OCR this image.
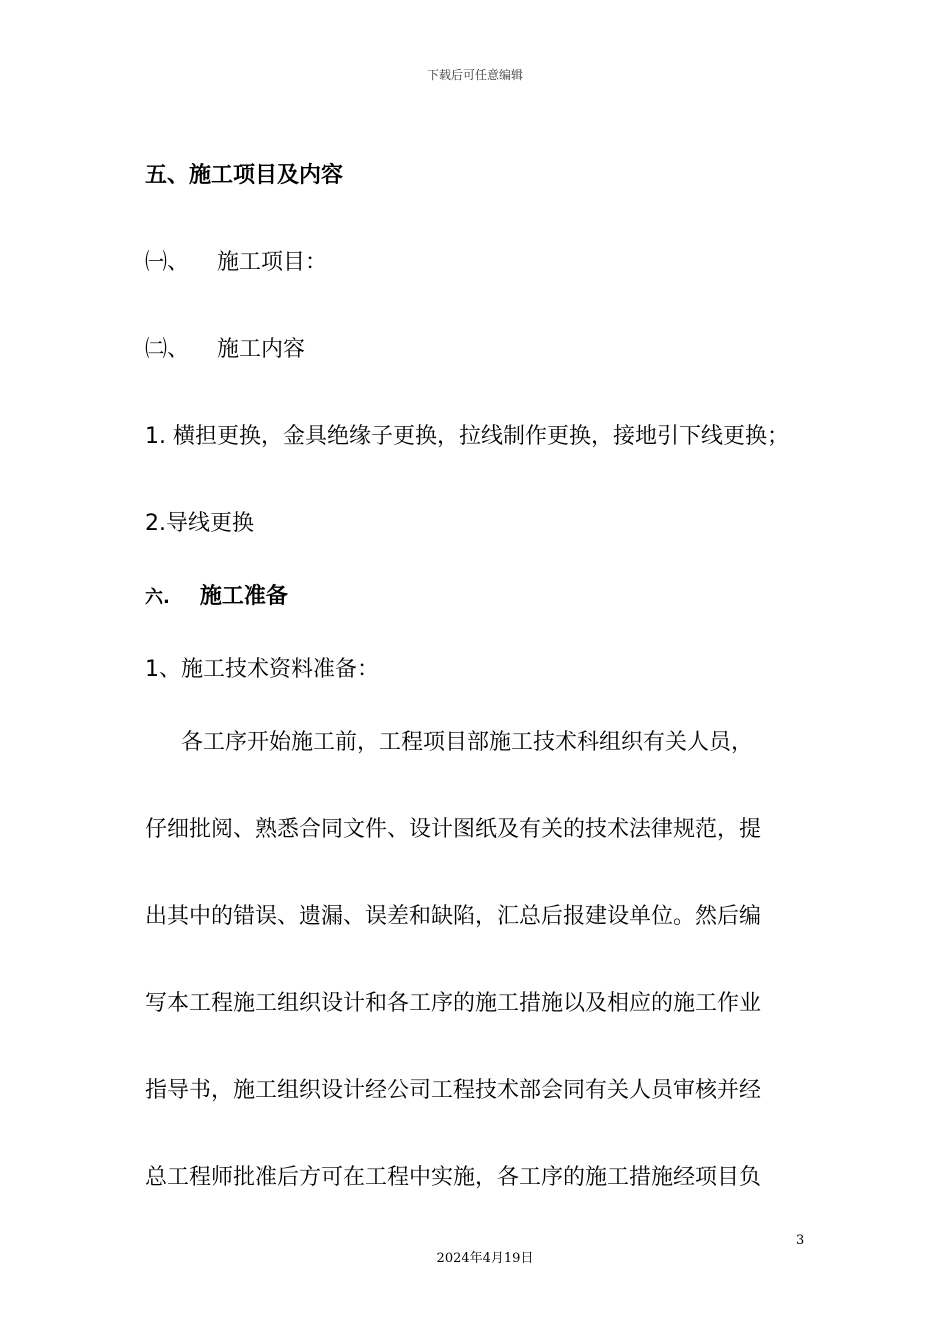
下载后可任意编辑
五、施工项目及内容
㈠、 施工项目：
㈡、 施工内容
1. 横担更换，金具绝缘子更换，拉线制作更换，接地引下线更换；
2.导线更换
六. 施工准备
1、施工技术资料准备：
各工序开始施工前，工程项目部施工技术科组织有关人员，
仔细批阅、熟悉合同文件、设计图纸及有关的技术法律规范，提
出其中的错误、遗漏、误差和缺陷，汇总后报建设单位。然后编
写本工程施工组织设计和各工序的施工措施以及相应的施工作业
指导书，施工组织设计经公司工程技术部会同有关人员审核并经
总工程师批准后方可在工程中实施，各工序的施工措施经项目负
3
2024年4月19日
